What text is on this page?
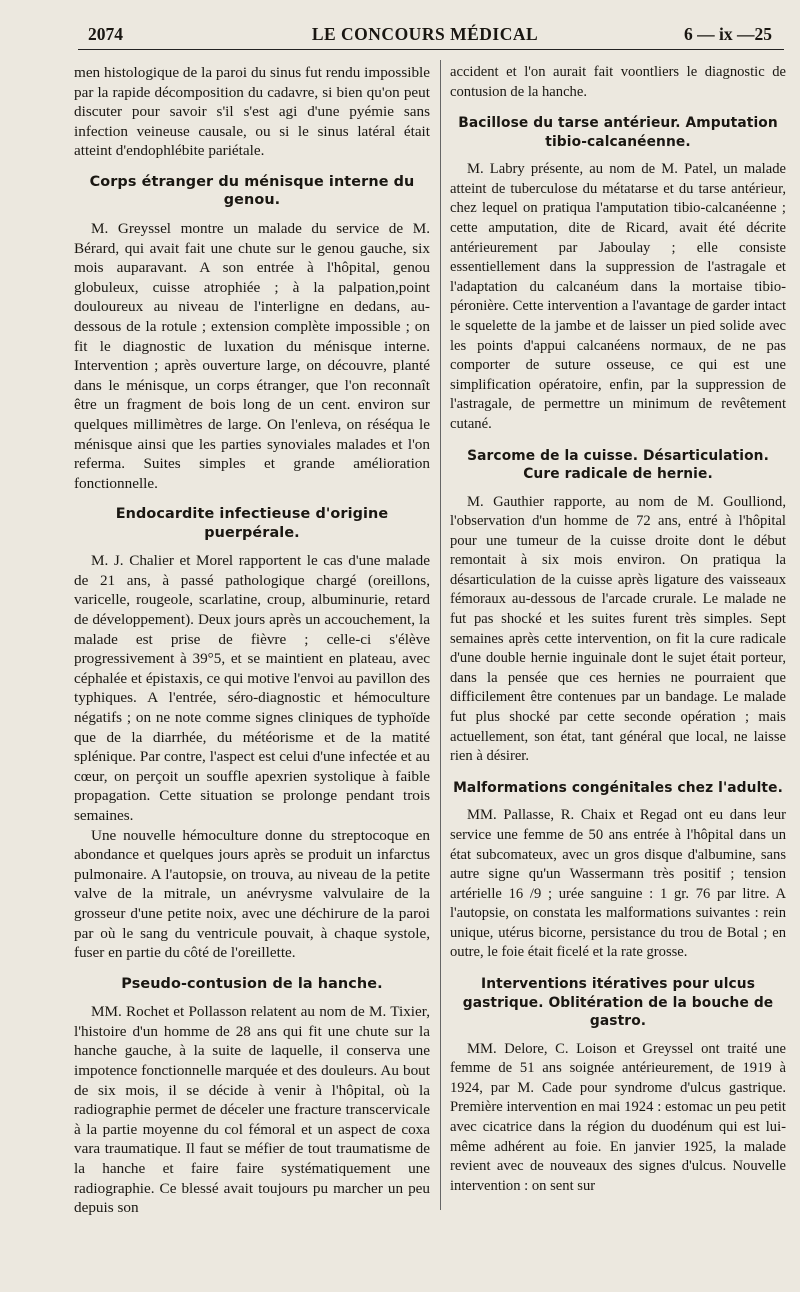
2074	LE CONCOURS MÉDICAL	6 — ix —25

men histologique de la paroi du sinus fut rendu impossible par la rapide décomposition du cadavre, si bien qu'on peut discuter pour savoir s'il s'est agi d'une pyémie sans infection veineuse causale, ou si le sinus latéral était atteint d'endophlébite pariétale.

Corps étranger du ménisque interne du genou.

M. Greyssel montre un malade du service de M. Bérard, qui avait fait une chute sur le genou gauche, six mois auparavant. A son entrée à l'hôpital, genou globuleux, cuisse atrophiée ; à la palpation,point douloureux au niveau de l'interligne en dedans, au-dessous de la rotule ; extension complète impossible ; on fit le diagnostic de luxation du ménisque interne. Intervention ; après ouverture large, on découvre, planté dans le ménisque, un corps étranger, que l'on reconnaît être un fragment de bois long de un cent. environ sur quelques millimètres de large. On l'enleva, on réséqua le ménisque ainsi que les parties synoviales malades et l'on referma. Suites simples et grande amélioration fonctionnelle.

Endocardite infectieuse d'origine puerpérale.

M. J. Chalier et Morel rapportent le cas d'une malade de 21 ans, à passé pathologique chargé (oreillons, varicelle, rougeole, scarlatine, croup, albuminurie, retard de développement). Deux jours après un accouchement, la malade est prise de fièvre ; celle-ci s'élève progressivement à 39°5, et se maintient en plateau, avec céphalée et épistaxis, ce qui motive l'envoi au pavillon des typhiques. A l'entrée, séro-diagnostic et hémoculture négatifs ; on ne note comme signes cliniques de typhoïde que de la diarrhée, du météorisme et de la matité splénique. Par contre, l'aspect est celui d'une infectée et au cœur, on perçoit un souffle apexrien systolique à faible propagation. Cette situation se prolonge pendant trois semaines.

Une nouvelle hémoculture donne du streptocoque en abondance et quelques jours après se produit un infarctus pulmonaire. A l'autopsie, on trouva, au niveau de la petite valve de la mitrale, un anévrysme valvulaire de la grosseur d'une petite noix, avec une déchirure de la paroi par où le sang du ventricule pouvait, à chaque systole, fuser en partie du côté de l'oreillette.

Pseudo-contusion de la hanche.

MM. Rochet et Pollasson relatent au nom de M. Tixier, l'histoire d'un homme de 28 ans qui fit une chute sur la hanche gauche, à la suite de laquelle, il conserva une impotence fonctionnelle marquée et des douleurs. Au bout de six mois, il se décide à venir à l'hôpital, où la radiographie permet de déceler une fracture transcervicale à la partie moyenne du col fémoral et un aspect de coxa vara traumatique. Il faut se méfier de tout traumatisme de la hanche et faire faire systématiquement une radiographie. Ce blessé avait toujours pu marcher un peu depuis son

accident et l'on aurait fait voontliers le diagnostic de contusion de la hanche.

Bacillose du tarse antérieur. Amputation tibio-calcanéenne.

M. Labry présente, au nom de M. Patel, un malade atteint de tuberculose du métatarse et du tarse antérieur, chez lequel on pratiqua l'amputation tibio-calcanéenne ; cette amputation, dite de Ricard, avait été décrite antérieurement par Jaboulay ; elle consiste essentiellement dans la suppression de l'astragale et l'adaptation du calcanéum dans la mortaise tibio-péronière. Cette intervention a l'avantage de garder intact le squelette de la jambe et de laisser un pied solide avec les points d'appui calcanéens normaux, de ne pas comporter de suture osseuse, ce qui est une simplification opératoire, enfin, par la suppression de l'astragale, de permettre un minimum de revêtement cutané.

Sarcome de la cuisse. Désarticulation. Cure radicale de hernie.

M. Gauthier rapporte, au nom de M. Goulliond, l'observation d'un homme de 72 ans, entré à l'hôpital pour une tumeur de la cuisse droite dont le début remontait à six mois environ. On pratiqua la désarticulation de la cuisse après ligature des vaisseaux fémoraux au-dessous de l'arcade crurale. Le malade ne fut pas shocké et les suites furent très simples. Sept semaines après cette intervention, on fit la cure radicale d'une double hernie inguinale dont le sujet était porteur, dans la pensée que ces hernies ne pourraient que difficilement être contenues par un bandage. Le malade fut plus shocké par cette seconde opération ; mais actuellement, son état, tant général que local, ne laisse rien à désirer.

Malformations congénitales chez l'adulte.

MM. Pallasse, R. Chaix et Regad ont eu dans leur service une femme de 50 ans entrée à l'hôpital dans un état subcomateux, avec un gros disque d'albumine, sans autre signe qu'un Wassermann très positif ; tension artérielle 16 /9 ; urée sanguine : 1 gr. 76 par litre. A l'autopsie, on constata les malformations suivantes : rein unique, utérus bicorne, persistance du trou de Botal ; en outre, le foie était ficelé et la rate grosse.

Interventions itératives pour ulcus gastrique. Oblitération de la bouche de gastro.

MM. Delore, C. Loison et Greyssel ont traité une femme de 51 ans soignée antérieurement, de 1919 à 1924, par M. Cade pour syndrome d'ulcus gastrique. Première intervention en mai 1924 : estomac un peu petit avec cicatrice dans la région du duodénum qui est lui-même adhérent au foie. En janvier 1925, la malade revient avec de nouveaux des signes d'ulcus. Nouvelle intervention : on sent sur
